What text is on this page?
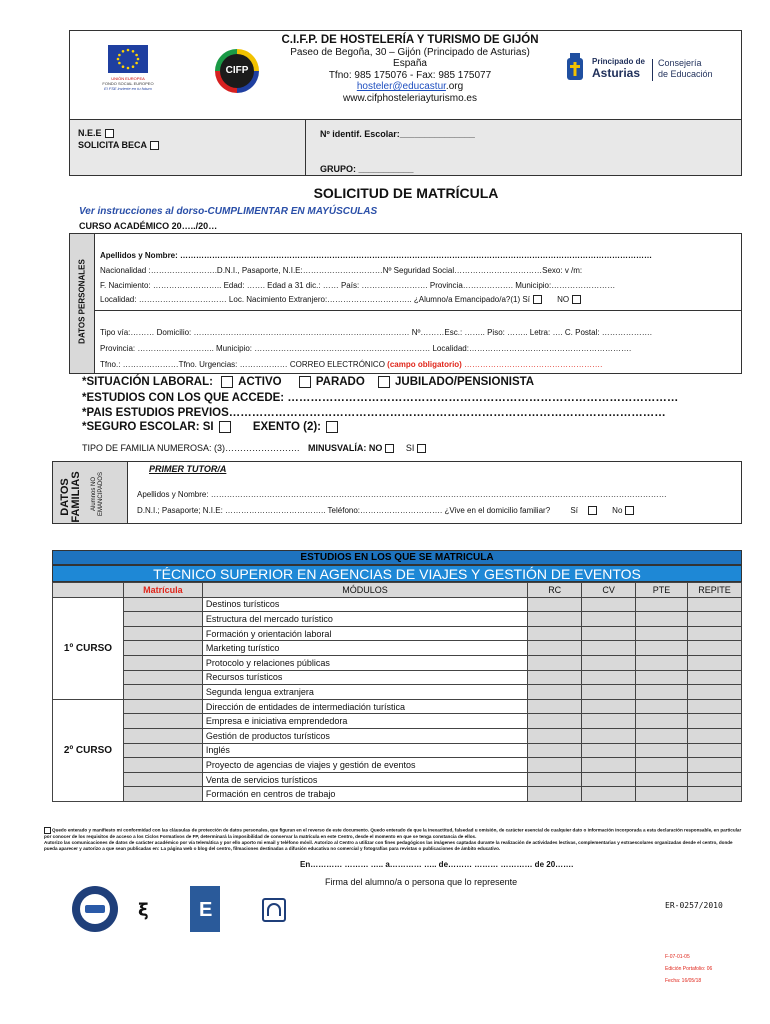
UNIÓN EUROPEA
FONDO SOCIAL EUROPEO
El FSE invierte en tu futuro
CIFP
C.I.F.P. DE HOSTELERÍA Y TURISMO DE GIJÓN
Paseo de Begoña, 30 – Gijón (Principado de Asturias)
España
Tfno: 985 175076 - Fax: 985 175077
hosteler@educastur.org
www.cifphosteleriayturismo.es
Principado de
Asturias
Consejería
de Educación
N.E.E
SOLICITA BECA
Nº identif. Escolar:_______________
GRUPO: ___________
SOLICITUD DE MATRÍCULA
Ver instrucciones al dorso-CUMPLIMENTAR EN MAYÚSCULAS
CURSO ACADÉMICO 20…../20…
DATOS PERSONALES
Apellidos y Nombre: ……………………………………………………………………………………………………………………………………………………………
Nacionalidad :…………………….D.N.I., Pasaporte, N.I.E:…………………………Nº Seguridad Social……………………………Sexo: v /m:
F. Nacimiento: …………………….. Edad: ……. Edad a 31 dic.: …… País: ……………………. Provincia………………. Municipio:……………………
Localidad: …………………………… Loc. Nacimiento Extranjero:………………………….. ¿Alumno/a Emancipado/a?(1) Sí	NO
Tipo vía:……… Domicilio: ……………………………………………………………………… Nº………Esc.: …….. Piso: …….. Letra: …. C. Postal: ……………….
Provincia: ……………………….. Municipio: ………………………………………………………… Localidad:…………………………………………………….
Tfno.: …………………Tfno. Urgencias: ……………… CORREO ELECTRÓNICO (campo obligatorio) …………………………………………….
*SITUACIÓN LABORAL: ACTIVO	PARADO	JUBILADO/PENSIONISTA
*ESTUDIOS CON LOS QUE ACCEDE: …………………………………………………………………………………………
*PAIS ESTUDIOS PREVIOS……………………………………………………………………………………………………
*SEGURO ESCOLAR: SI	EXENTO (2):
TIPO DE FAMILIA NUMEROSA: (3)……………………. MINUSVALÍA: NO	SI
DATOS FAMILIAS Alumnos NO EMANCIPADOS
PRIMER TUTOR/A
Apellidos y Nombre: ………………………………………………………………………………………………………………………………………………………
D.N.I.; Pasaporte; N.I.E: ……………………………….. Teléfono:…………………………. ¿Vive en el domicilio familiar?	Sí	No
ESTUDIOS EN LOS QUE SE MATRICULA
TÉCNICO SUPERIOR EN AGENCIAS DE VIAJES Y GESTIÓN DE EVENTOS
	Matrícula	MÓDULOS	RC	CV	PTE	REPITE
1º CURSO		Destinos turísticos				
		Estructura del mercado turístico				
		Formación y orientación laboral				
		Marketing turístico				
		Protocolo y relaciones públicas				
		Recursos turísticos				
		Segunda lengua extranjera				
2º CURSO		Dirección de entidades de intermediación turística				
		Empresa e iniciativa emprendedora				
		Gestión de productos turísticos				
		Inglés				
		Proyecto de agencias de viajes y gestión de eventos				
		Venta de servicios turísticos				
		Formación en centros de trabajo				
Quedo enterado y manifiesto mi conformidad con las cláusulas de protección de datos personales, que figuran en el reverso de este documento. Quedo enterado de que la inexactitud, falsedad u omisión, de carácter esencial de cualquier dato o información incorporada a esta declaración responsable, en particular por conocer de los requisitos de acceso a los Ciclos Formativos de FP, determinará la imposibilidad de conservar la matrícula en este Centro, desde el momento en que se tenga constancia de ellos.
Autorizo las comunicaciones de datos de carácter académico por vía telemática y por ello aporto mi email y teléfono móvil. Autorizo al Centro a utilizar con fines pedagógicos las imágenes captadas durante la realización de actividades lectivas, complementarias y extraescolares organizadas desde el centro, donde pueda aparecer y autorizo a que sean publicadas en: La página web o blog del centro, filmaciones destinadas a difusión educativa no comercial y fotografías para revistas o publicaciones de ámbito educativo.
En………… ……… ….. a………… ….. de……… ……… ………… de 20…….
Firma del alumno/a o persona que lo represente
ξ	E	ER-0257/2010
F-07-01-05
Edición Portafolio: 06
Fecha: 16/05/18
